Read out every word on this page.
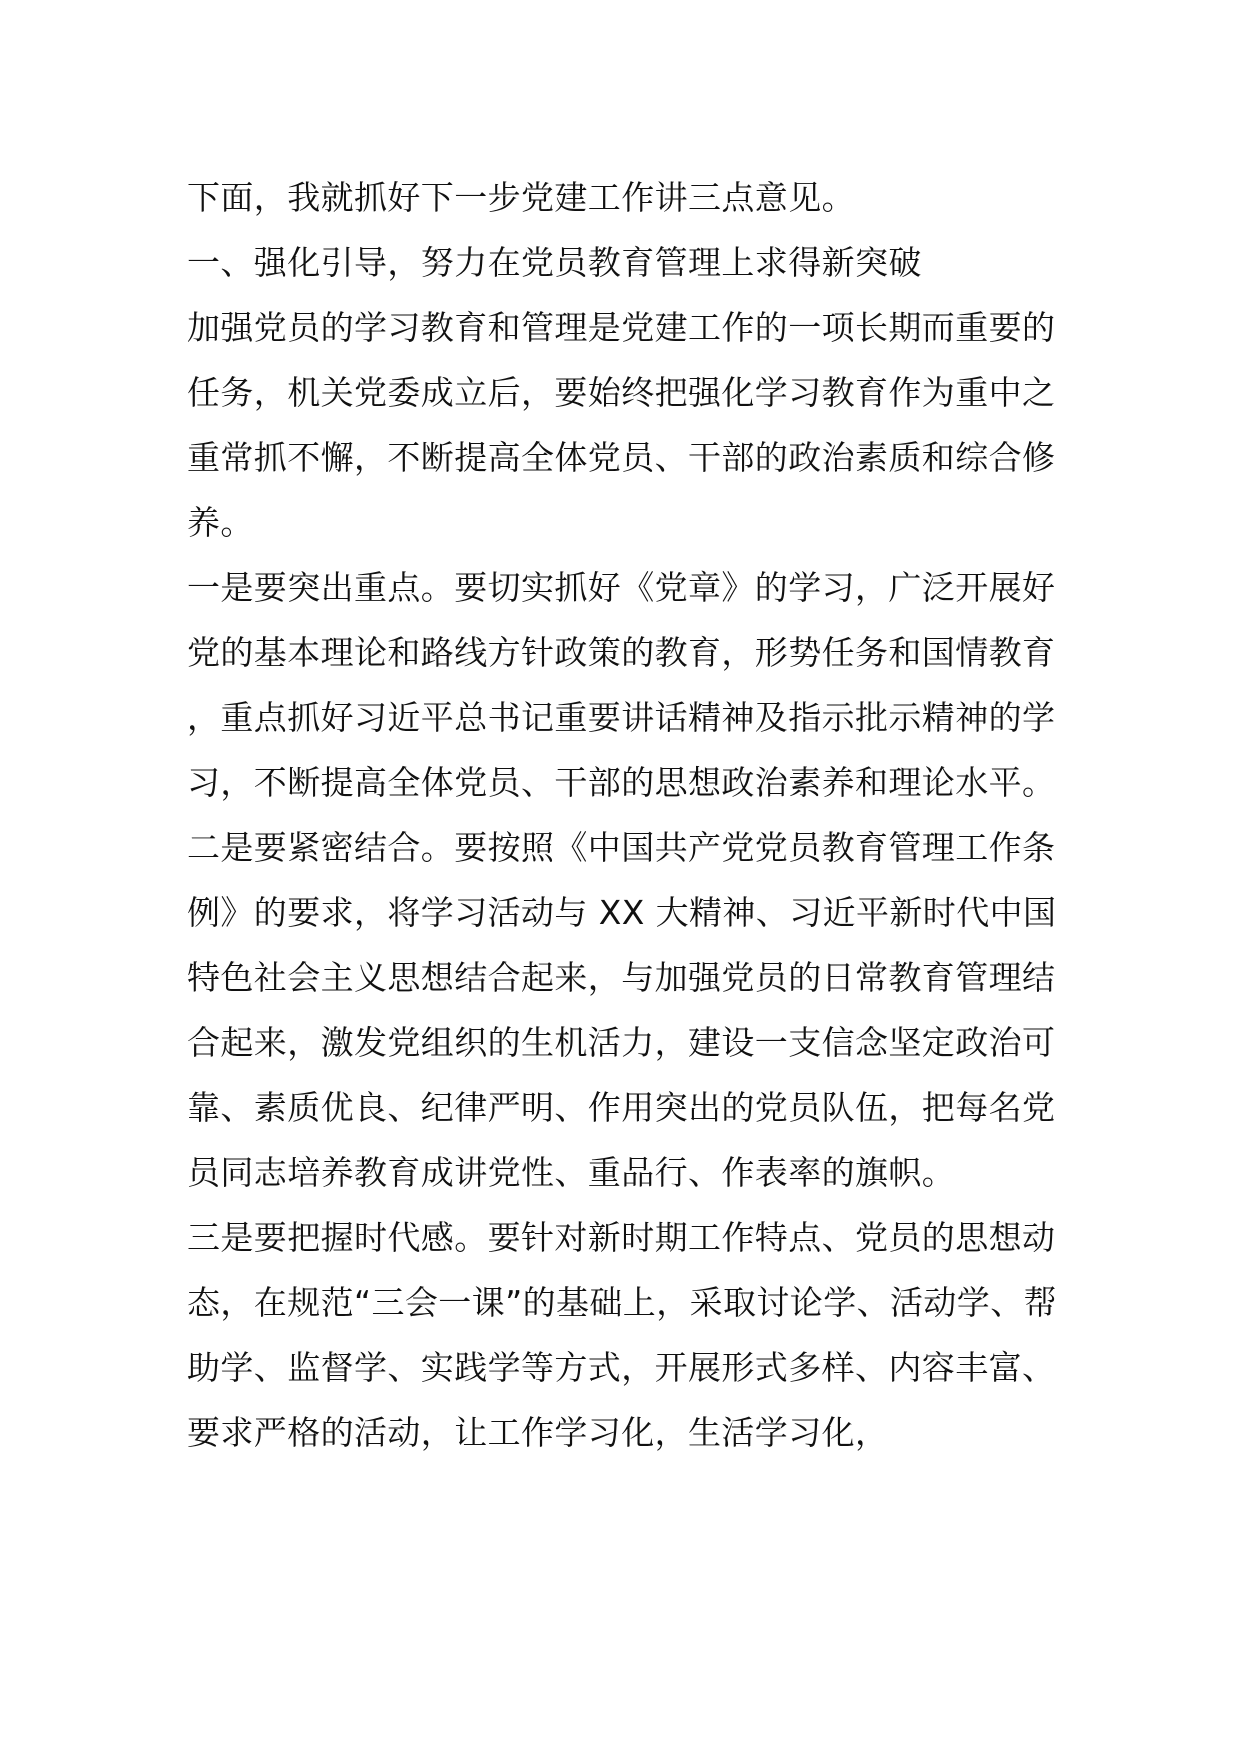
下面，我就抓好下一步党建工作讲三点意见。

一、强化引导，努力在党员教育管理上求得新突破

加强党员的学习教育和管理是党建工作的一项长期而重要的任务，机关党委成立后，要始终把强化学习教育作为重中之重常抓不懈，不断提高全体党员、干部的政治素质和综合修养。

一是要突出重点。要切实抓好《党章》的学习，广泛开展好党的基本理论和路线方针政策的教育，形势任务和国情教育，重点抓好习近平总书记重要讲话精神及指示批示精神的学习，不断提高全体党员、干部的思想政治素养和理论水平。

二是要紧密结合。要按照《中国共产党党员教育管理工作条例》的要求，将学习活动与 XX 大精神、习近平新时代中国特色社会主义思想结合起来，与加强党员的日常教育管理结合起来，激发党组织的生机活力，建设一支信念坚定政治可靠、素质优良、纪律严明、作用突出的党员队伍，把每名党员同志培养教育成讲党性、重品行、作表率的旗帜。

三是要把握时代感。要针对新时期工作特点、党员的思想动态，在规范“三会一课”的基础上，采取讨论学、活动学、帮助学、监督学、实践学等方式，开展形式多样、内容丰富、要求严格的活动，让工作学习化，生活学习化，
